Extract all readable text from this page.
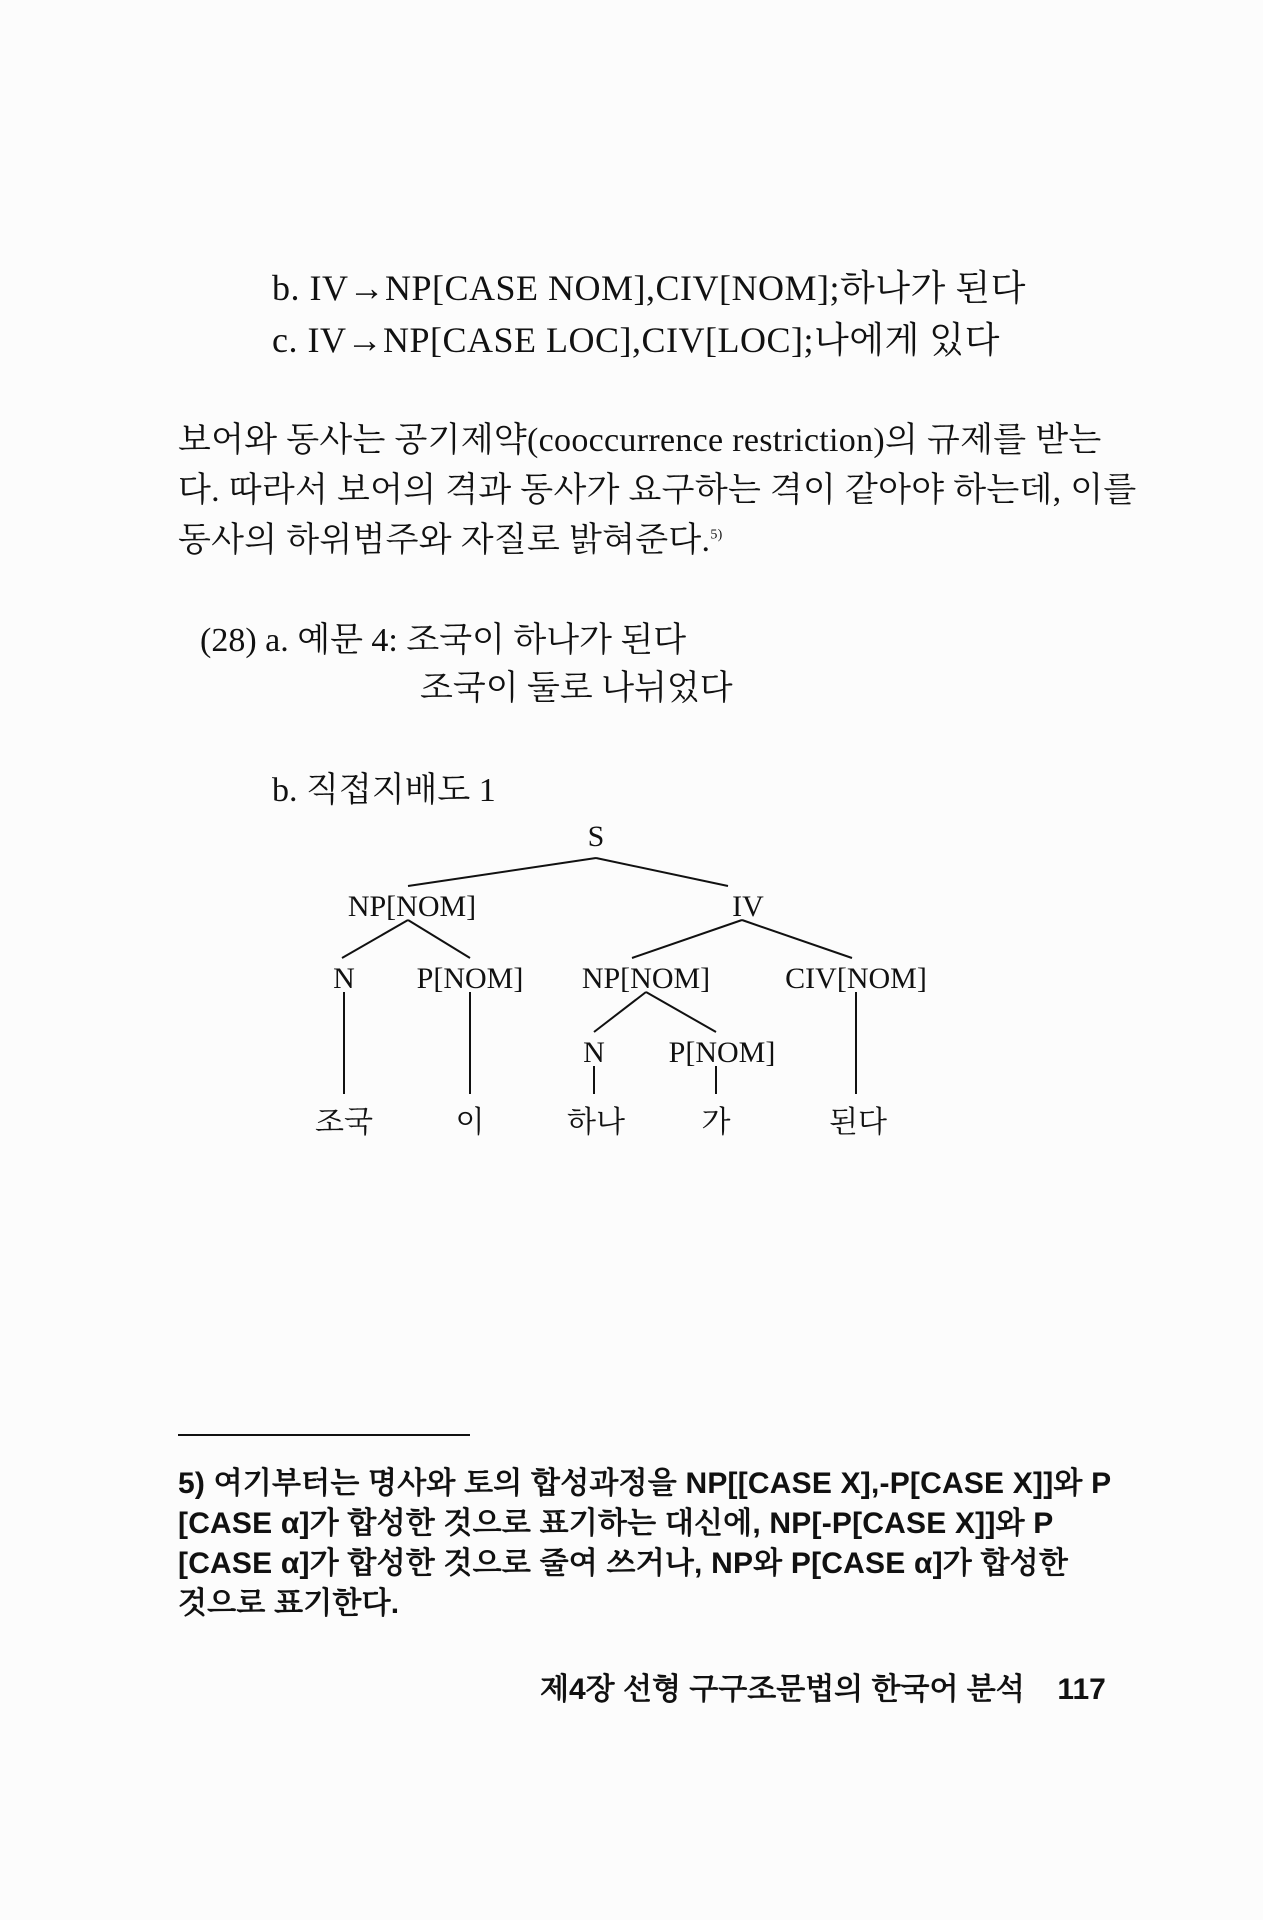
b. IV→NP[CASE NOM],CIV[NOM];하나가 된다
c. IV→NP[CASE LOC],CIV[LOC];나에게 있다
보어와 동사는 공기제약(cooccurrence restriction)의 규제를 받는
다. 따라서 보어의 격과 동사가 요구하는 격이 같아야 하는데, 이를
동사의 하위범주와 자질로 밝혀준다.$^{5)}$
(28) a. 예문 4: 조국이 하나가 된다
조국이 둘로 나뉘었다
b. 직접지배도 1
S
NP[NOM]	IV
N P[NOM] NP[NOM]	CIV[NOM]
N P[NOM]
조국	이	하나	가	된다
5) 여기부터는 명사와 토의 합성과정을 NP[[CASE X],-P[CASE X]]와 P
[CASE α]가 합성한 것으로 표기하는 대신에, NP[-P[CASE X]]와 P
[CASE α]가 합성한 것으로 줄여 쓰거나, NP와 P[CASE α]가 합성한
것으로 표기한다.
제4장 선형 구구조문법의 한국어 분석 117
